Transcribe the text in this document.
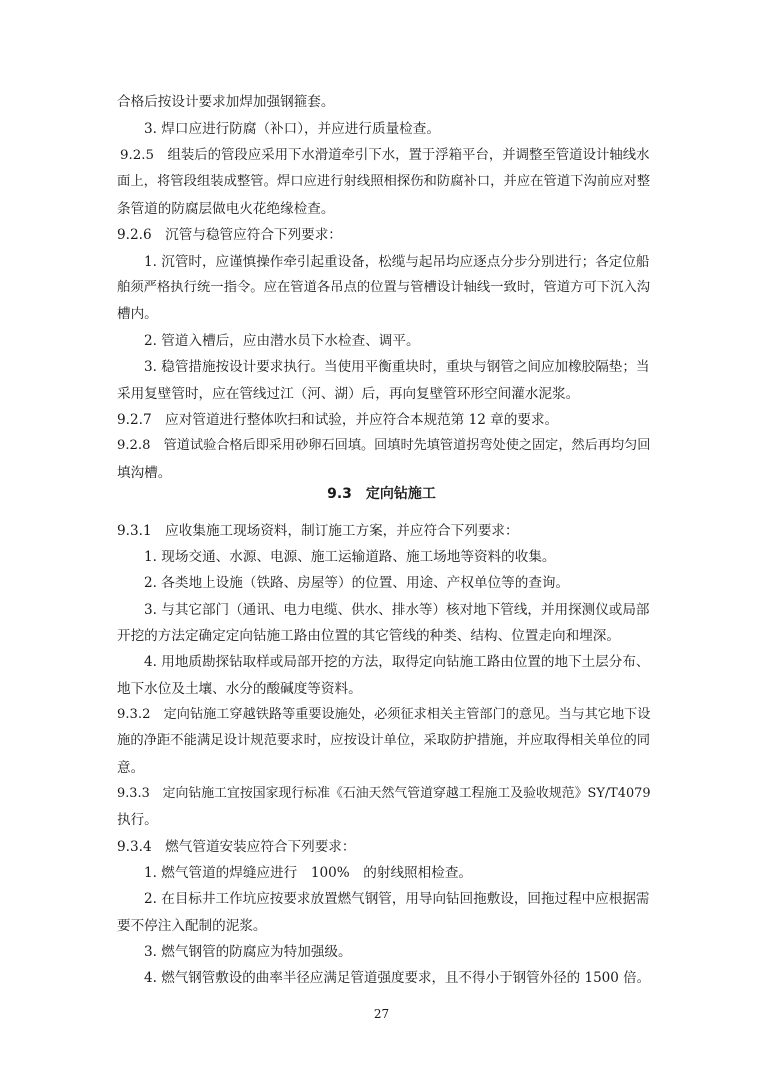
合格后按设计要求加焊加强钢箍套。
3. 焊口应进行防腐（补口），并应进行质量检查。
9.2.5　组装后的管段应采用下水滑道牵引下水，置于浮箱平台，并调整至管道设计轴线水
面上，将管段组装成整管。焊口应进行射线照相探伤和防腐补口，并应在管道下沟前应对整
条管道的防腐层做电火花绝缘检查。
9.2.6　沉管与稳管应符合下列要求：
1. 沉管时，应谨慎操作牵引起重设备，松缆与起吊均应逐点分步分别进行；各定位船
舶须严格执行统一指令。应在管道各吊点的位置与管槽设计轴线一致时，管道方可下沉入沟
槽内。
2. 管道入槽后，应由潜水员下水检查、调平。
3. 稳管措施按设计要求执行。当使用平衡重块时，重块与钢管之间应加橡胶隔垫；当
采用复壁管时，应在管线过江（河、湖）后，再向复壁管环形空间灌水泥浆。
9.2.7　应对管道进行整体吹扫和试验，并应符合本规范第 12 章的要求。
9.2.8　管道试验合格后即采用砂卵石回填。回填时先填管道拐弯处使之固定，然后再均匀回
填沟槽。
9.3　定向钻施工
9.3.1　应收集施工现场资料，制订施工方案，并应符合下列要求：
1. 现场交通、水源、电源、施工运输道路、施工场地等资料的收集。
2. 各类地上设施（铁路、房屋等）的位置、用途、产权单位等的查询。
3. 与其它部门（通讯、电力电缆、供水、排水等）核对地下管线，并用探测仪或局部
开挖的方法定确定定向钻施工路由位置的其它管线的种类、结构、位置走向和埋深。
4. 用地质勘探钻取样或局部开挖的方法，取得定向钻施工路由位置的地下土层分布、
地下水位及土壤、水分的酸碱度等资料。
9.3.2　定向钻施工穿越铁路等重要设施处，必须征求相关主管部门的意见。当与其它地下设
施的净距不能满足设计规范要求时，应按设计单位，采取防护措施，并应取得相关单位的同
意。
9.3.3　定向钻施工宜按国家现行标准《石油天然气管道穿越工程施工及验收规范》SY/T4079
执行。
9.3.4　燃气管道安装应符合下列要求：
1. 燃气管道的焊缝应进行　100%　的射线照相检查。
2. 在目标井工作坑应按要求放置燃气钢管，用导向钻回拖敷设，回拖过程中应根据需
要不停注入配制的泥浆。
3. 燃气钢管的防腐应为特加强级。
4. 燃气钢管敷设的曲率半径应满足管道强度要求，且不得小于钢管外径的 1500 倍。
27
